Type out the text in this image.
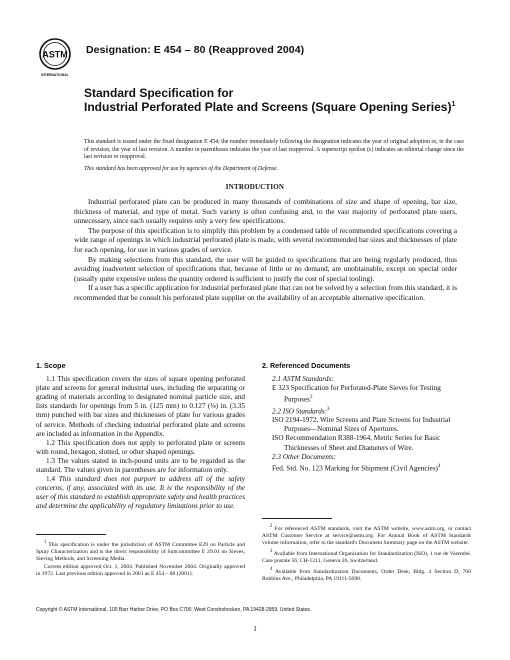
ASTM
INTERNATIONAL
Designation: E 454 – 80 (Reapproved 2004)
Standard Specification for
Industrial Perforated Plate and Screens (Square Opening Series)$^1$
This standard is issued under the fixed designation E 454; the number immediately following the designation indicates the year of original adoption or, in the case of revision, the year of last revision. A number in parentheses indicates the year of last reapproval. A superscript epsilon (ε) indicates an editorial change since the last revision or reapproval.
This standard has been approved for use by agencies of the Department of Defense.
INTRODUCTION

Industrial perforated plate can be produced in many thousands of combinations of size and shape of opening, bar size, thickness of material, and type of metal. Such variety is often confusing and, to the vast majority of perforated plate users, unnecessary, since each usually requires only a very few specifications.

The purpose of this specification is to simplify this problem by a condensed table of recommended specifications covering a wide range of openings in which industrial perforated plate is made, with several recommended bar sizes and thicknesses of plate for each opening, for use in various grades of service.

By making selections from this standard, the user will be guided to specifications that are being regularly produced, thus avoiding inadvertent selection of specifications that, because of little or no demand, are unobtainable, except on special order (usually quite expensive unless the quantity ordered is sufficient to justify the cost of special tooling).

If a user has a specific application for industrial perforated plate that can not be solved by a selection from this standard, it is recommended that he consult his perforated plate supplier on the availability of an acceptable alternative specification.

1. Scope

1.1 This specification covers the sizes of square opening perforated plate and screens for general industrial uses, including the separating or grading of materials according to designated nominal particle size, and lists standards for openings from 5 in. (125 mm) to 0.127 (⅛) in. (3.35 mm) punched with bar sizes and thicknesses of plate for various grades of service. Methods of checking industrial perforated plate and screens are included as information in the Appendix.

1.2 This specification does not apply to perforated plate or screens with round, hexagon, slotted, or other shaped openings.

1.3 The values stated in inch-pound units are to be regarded as the standard. The values given in parentheses are for information only.

1.4 This standard does not purport to address all of the safety concerns, if any, associated with its use. It is the responsibility of the user of this standard to establish appropriate safety and health practices and determine the applicability of regulatory limitations prior to use.

2. Referenced Documents
2.1 ASTM Standards:
E 323 Specification for Perforated-Plate Sieves for Testing Purposes$^2$
2.2 ISO Standards:$^3$
ISO 2194-1972, Wire Screens and Plate Screens for Industrial Purposes—Nominal Sizes of Apertures.
ISO Recommendation R388-1964, Metric Series for Basic Thicknesses of Sheet and Diameters of Wire.
2.3 Other Documents:
Fed. Std. No. 123 Marking for Shipment (Civil Agencies)$^4$

$^1$ This specification is under the jurisdiction of ASTM Committee E29 on Particle and Spray Characterization and is the direct responsibility of Subcommittee E 29.01 on Sieves, Sieving Methods, and Screening Media.

Current edition approved Oct. 1, 2004. Published November 2004. Originally approved in 1972. Last previous edition approved in 2001 as E 454 – 80 (2001).

$^2$ For referenced ASTM standards, visit the ASTM website, www.astm.org, or contact ASTM Customer Service at service@astm.org. For Annual Book of ASTM Standards volume information, refer to the standard's Document Summary page on the ASTM website.

$^3$ Available from International Organization for Standardization (ISO), 1 rue de Varembé, Case postale 56, CH-1211, Geneva 20, Switzerland.

$^4$ Available from Standardization Documents, Order Desk, Bldg. 4 Section D, 700 Robbins Ave., Philadelphia, PA 19111-5098.

Copyright © ASTM International, 100 Barr Harbor Drive, PO Box C700, West Conshohocken, PA 19428-2959, United States.
1
